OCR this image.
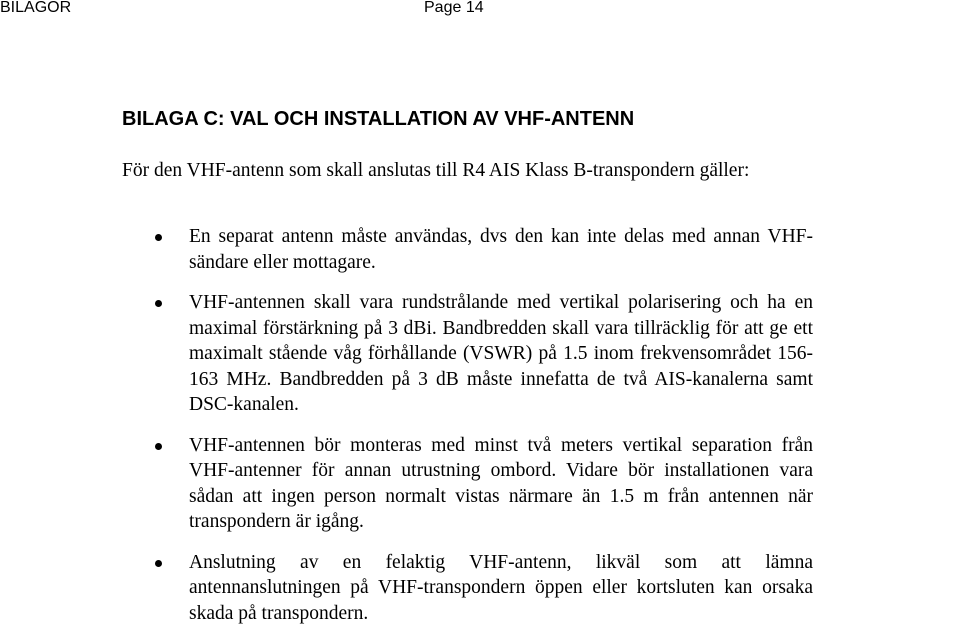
BILAGOR	Page 14
BILAGA C: VAL OCH INSTALLATION AV VHF-ANTENN

För den VHF-antenn som skall anslutas till R4 AIS Klass B-transpondern gäller:

En separat antenn måste användas, dvs den kan inte delas med annan VHF-sändare eller mottagare.
VHF-antennen skall vara rundstrålande med vertikal polarisering och ha en maximal förstärkning på 3 dBi. Bandbredden skall vara tillräcklig för att ge ett maximalt stående våg förhållande (VSWR) på 1.5 inom frekvensområdet 156-163 MHz. Bandbredden på 3 dB måste innefatta de två AIS-kanalerna samt DSC-kanalen.
VHF-antennen bör monteras med minst två meters vertikal separation från VHF-antenner för annan utrustning ombord. Vidare bör installationen vara sådan att ingen person normalt vistas närmare än 1.5 m från antennen när transpondern är igång.
Anslutning av en felaktig VHF-antenn, likväl som att lämna antennanslutningen på VHF-transpondern öppen eller kortsluten kan orsaka skada på transpondern.
